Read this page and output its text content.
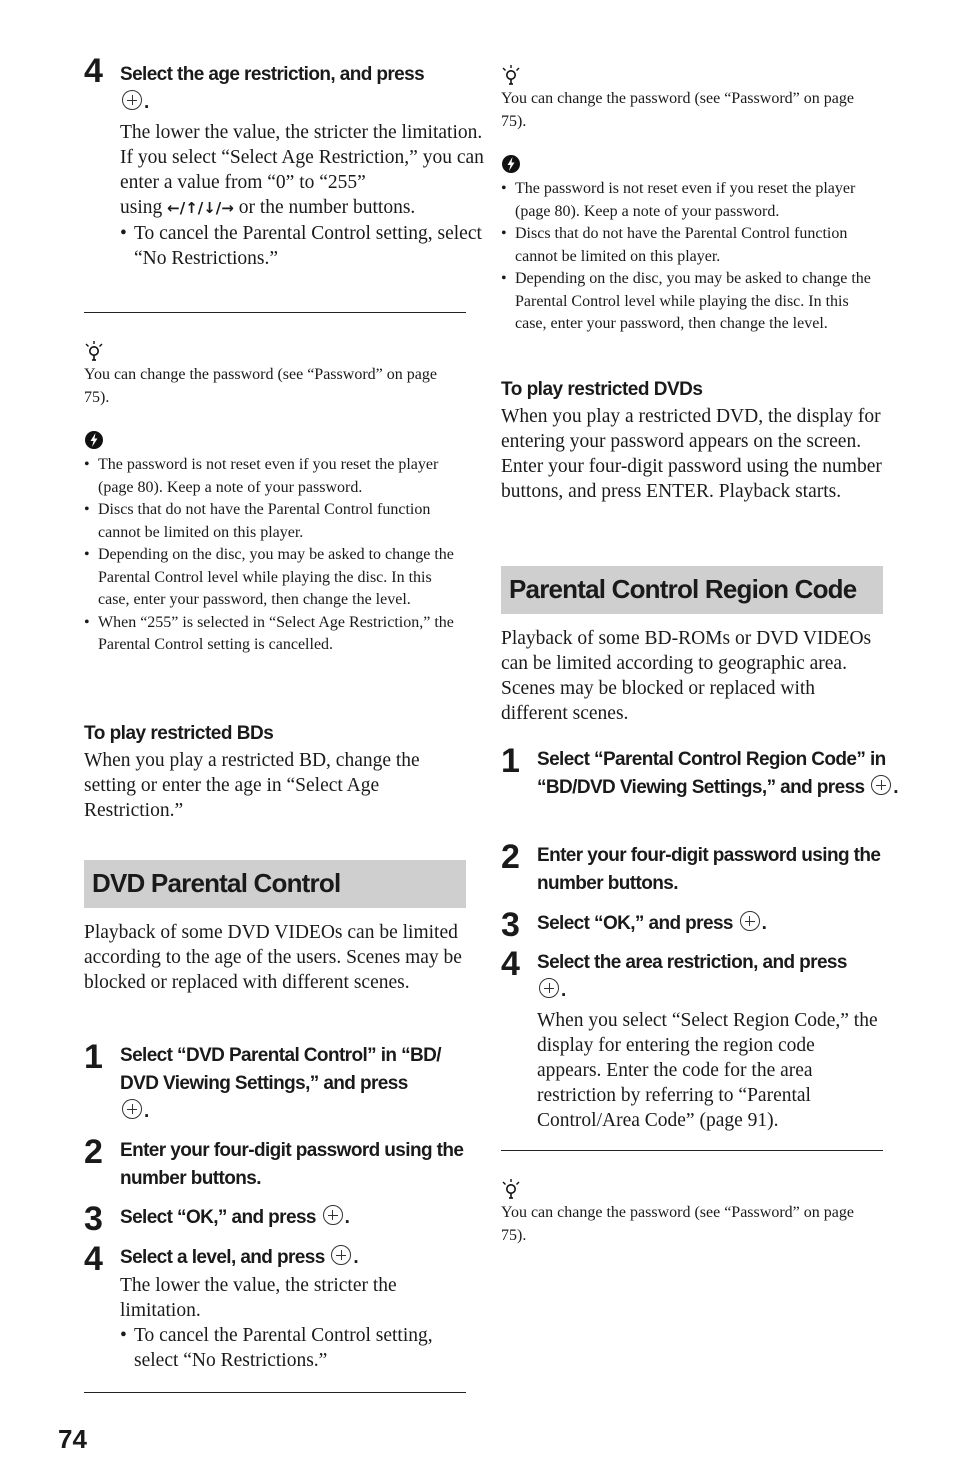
4 Select the age restriction, and press
.
The lower the value, the stricter the limitation.
If you select “Select Age Restriction,” you can enter a value from “0” to “255”
using ←/↑/↓/→ or the number buttons.
• To cancel the Parental Control setting, select “No Restrictions.”
You can change the password (see “Password” on page 75).
• The password is not reset even if you reset the player (page 80). Keep a note of your password.
• Discs that do not have the Parental Control function cannot be limited on this player.
• Depending on the disc, you may be asked to change the Parental Control level while playing the disc. In this case, enter your password, then change the level.
• When “255” is selected in “Select Age Restriction,” the Parental Control setting is cancelled.
To play restricted BDs
When you play a restricted BD, change the setting or enter the age in “Select Age Restriction.”
DVD Parental Control
Playback of some DVD VIDEOs can be limited according to the age of the users. Scenes may be blocked or replaced with different scenes.
1 Select “DVD Parental Control” in “BD/ DVD Viewing Settings,” and press
.
2 Enter your four-digit password using the number buttons.
3 Select “OK,” and press .
4 Select a level, and press .
The lower the value, the stricter the limitation.
• To cancel the Parental Control setting, select “No Restrictions.”
You can change the password (see “Password” on page 75).
• The password is not reset even if you reset the player (page 80). Keep a note of your password.
• Discs that do not have the Parental Control function cannot be limited on this player.
• Depending on the disc, you may be asked to change the Parental Control level while playing the disc. In this case, enter your password, then change the level.
To play restricted DVDs
When you play a restricted DVD, the display for entering your password appears on the screen. Enter your four-digit password using the number buttons, and press ENTER. Playback starts.
Parental Control Region Code
Playback of some BD-ROMs or DVD VIDEOs can be limited according to geographic area. Scenes may be blocked or replaced with different scenes.
1 Select “Parental Control Region Code” in “BD/DVD Viewing Settings,” and press .
2 Enter your four-digit password using the number buttons.
3 Select “OK,” and press .
4 Select the area restriction, and press
.
When you select “Select Region Code,” the display for entering the region code appears. Enter the code for the area restriction by referring to “Parental Control/Area Code” (page 91).
You can change the password (see “Password” on page 75).
74
